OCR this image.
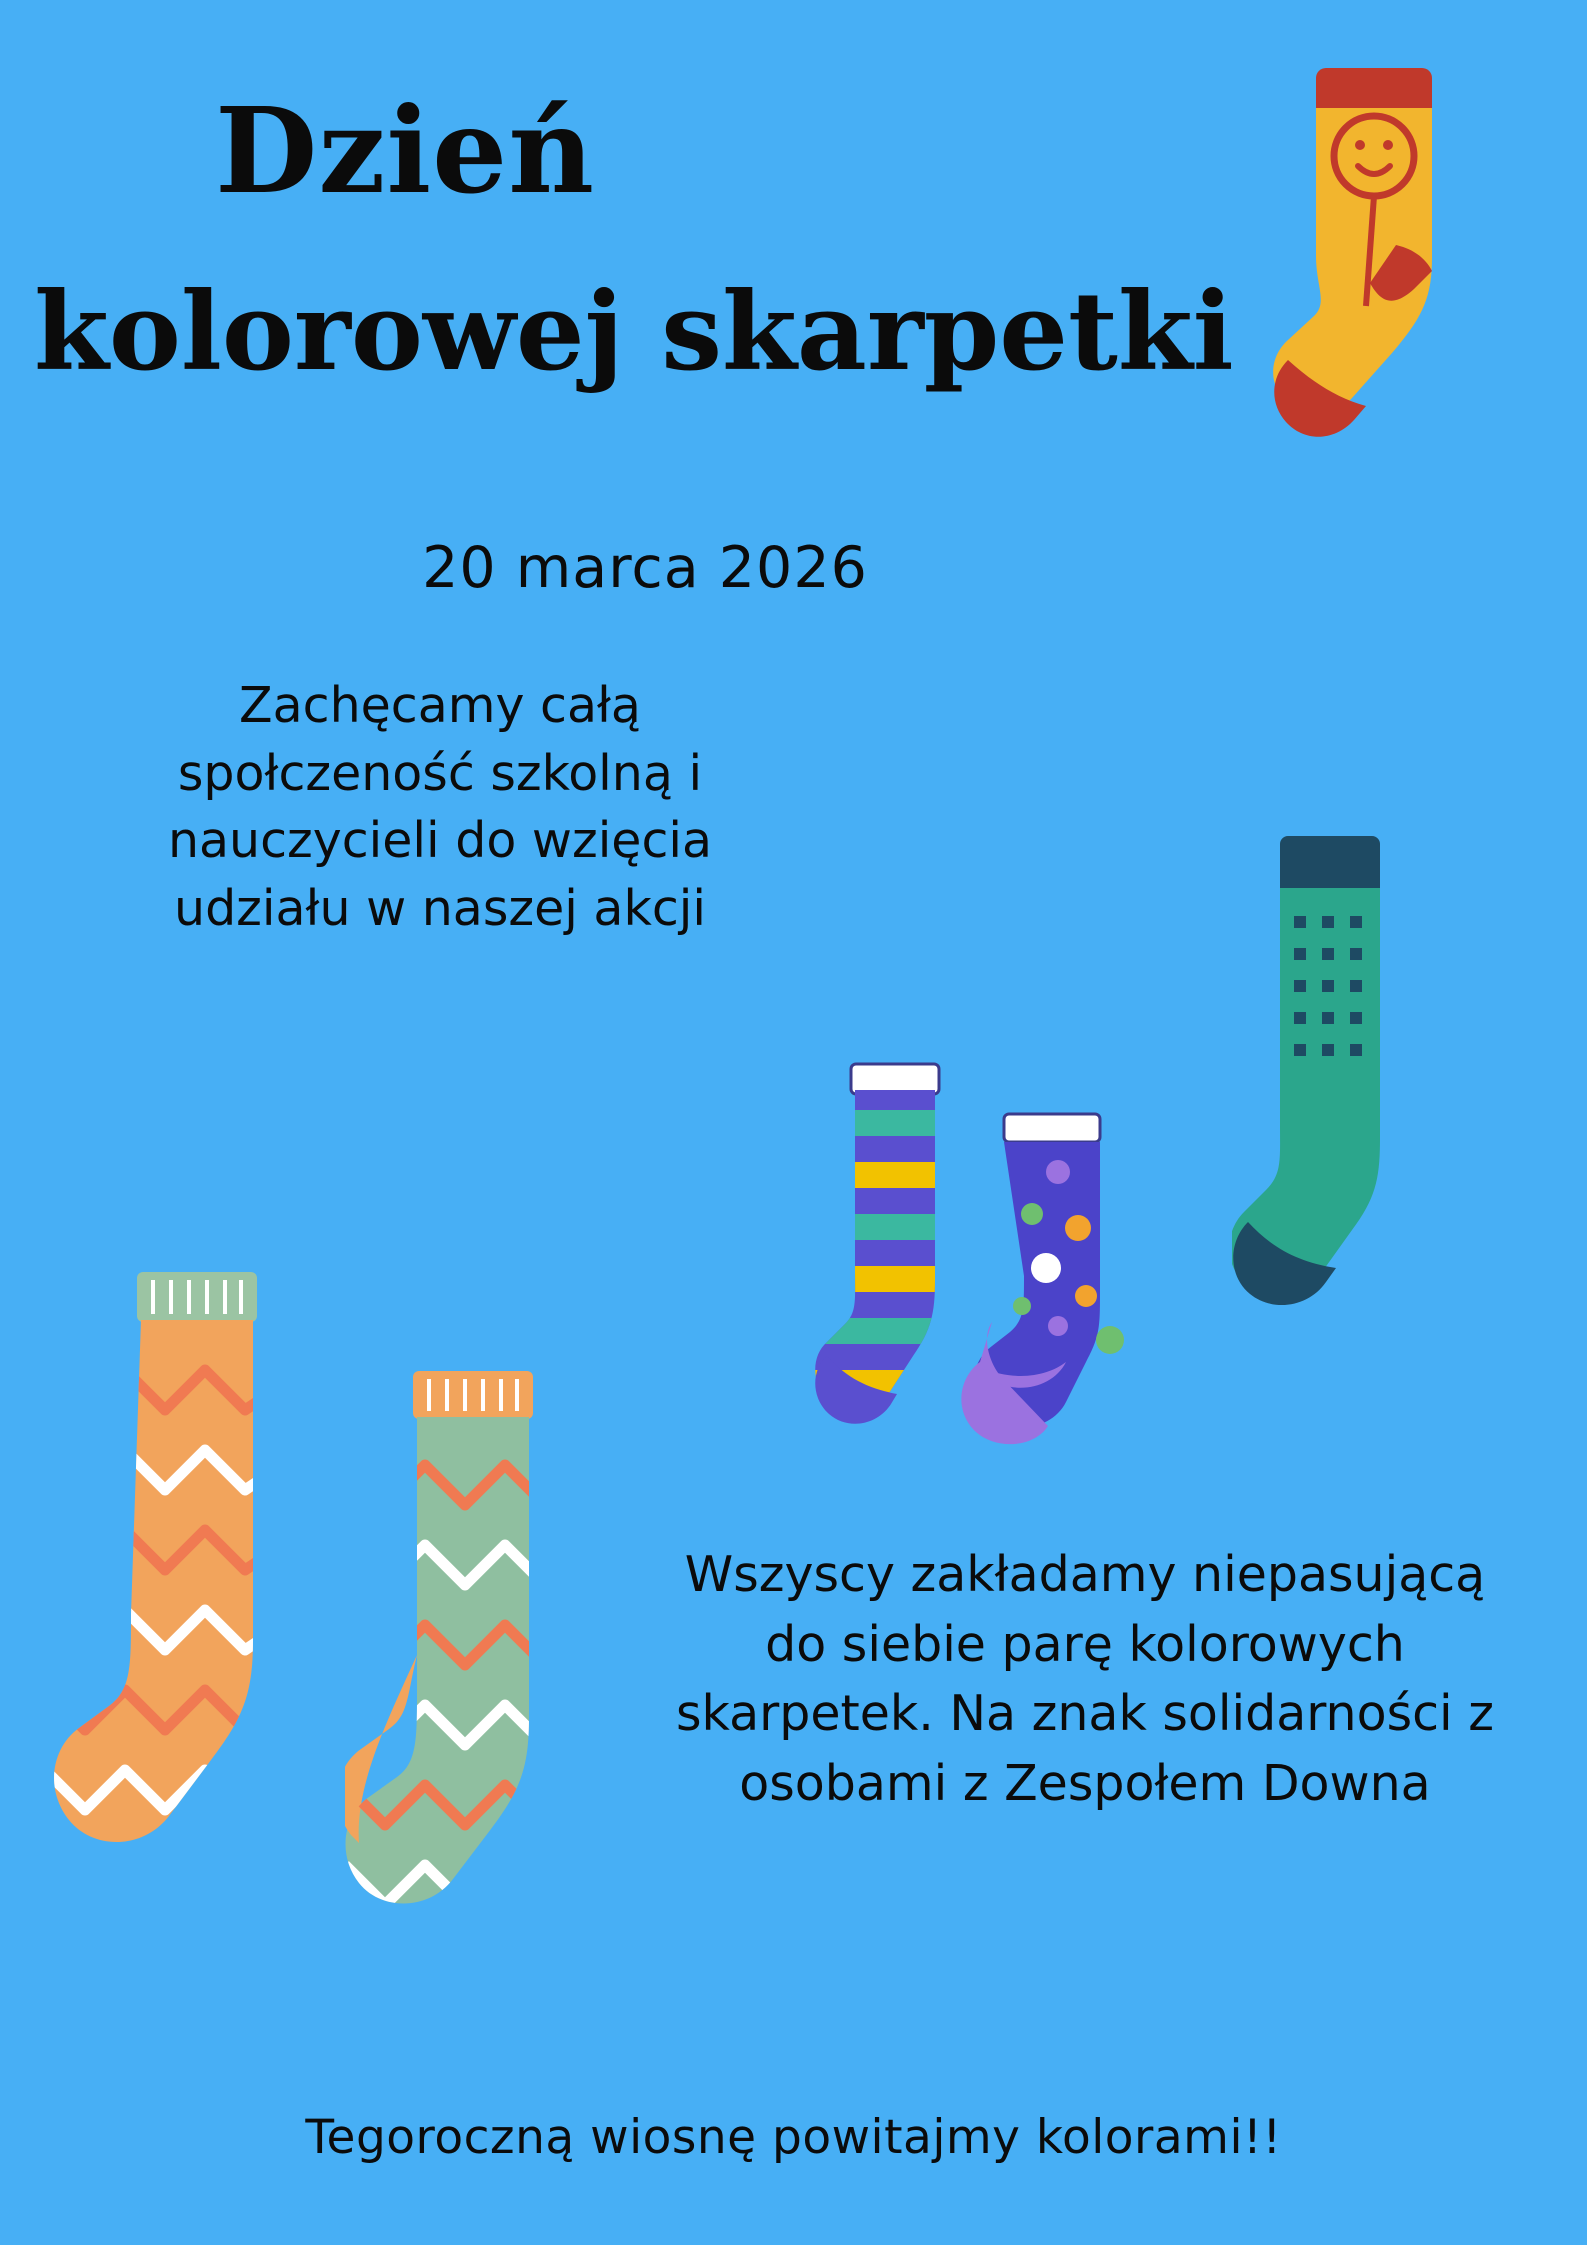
Dzień
kolorowej skarpetki
20 marca 2026
Zachęcamy całą społczeność szkolną i nauczycieli do wzięcia udziału w naszej akcji
Wszyscy zakładamy niepasującą do siebie parę kolorowych skarpetek. Na znak solidarności z osobami z Zespołem Downa
Tegoroczną wiosnę powitajmy kolorami!!
